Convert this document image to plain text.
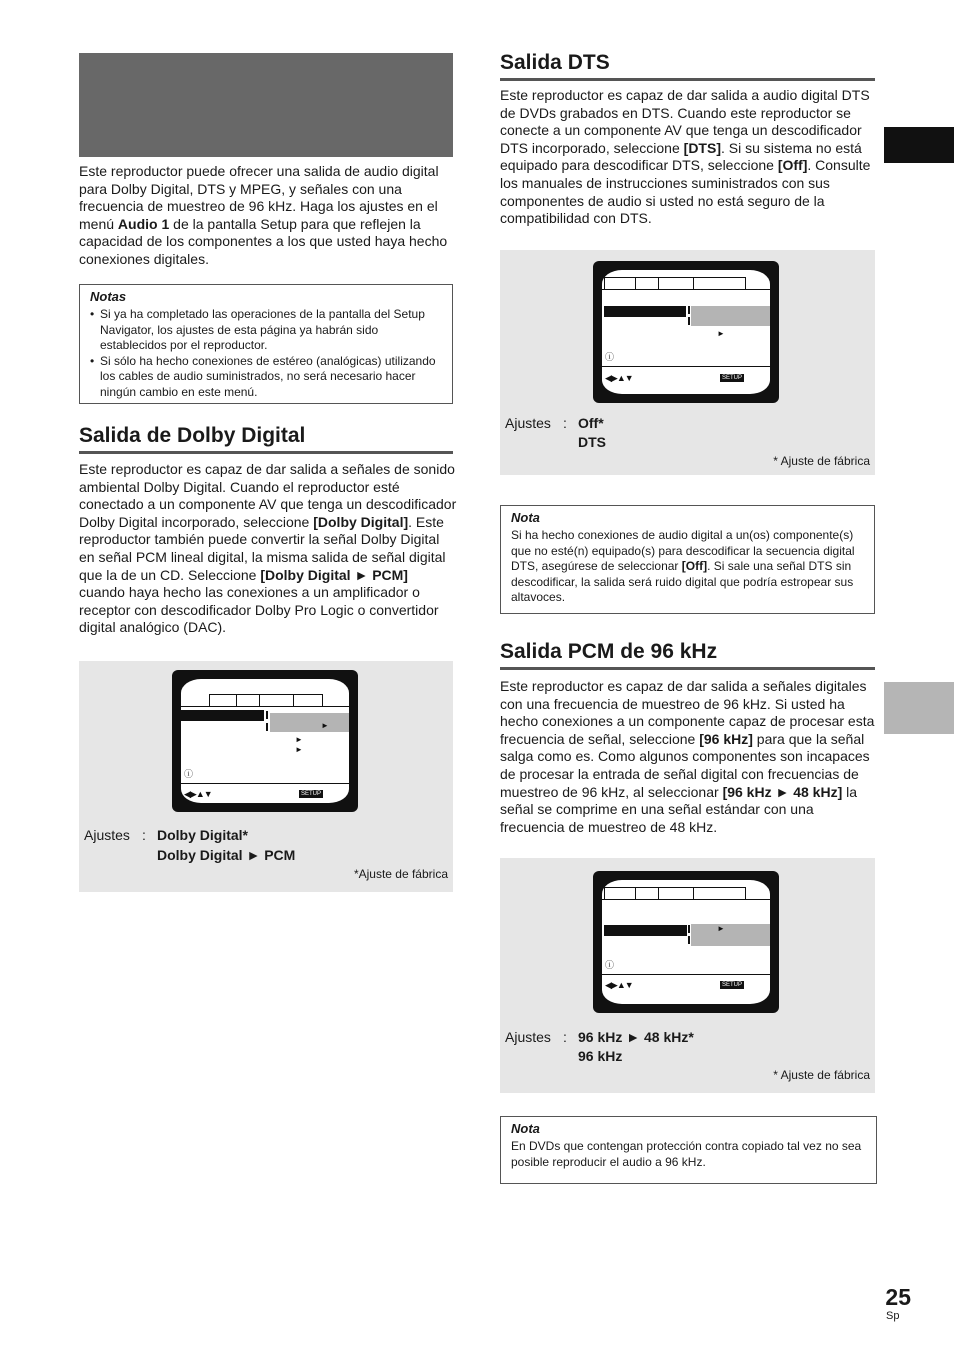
Este reproductor puede ofrecer una salida de audio digital para Dolby Digital, DTS y MPEG, y señales con una frecuencia de muestreo de 96 kHz. Haga los ajustes en el menú Audio 1 de la pantalla Setup para que reflejen la capacidad de los componentes a los que usted haya hecho conexiones digitales.

Notas

• Si ya ha completado las operaciones de la pantalla del Setup Navigator, los ajustes de esta página ya habrán sido establecidos por el reproductor.
• Si sólo ha hecho conexiones de estéreo (analógicas) utilizando los cables de audio suministrados, no será necesario hacer ningún cambio en este menú.
Salida de Dolby Digital

Este reproductor es capaz de dar salida a señales de sonido ambiental Dolby Digital. Cuando el reproductor esté conectado a un componente AV que tenga un descodificador Dolby Digital incorporado, seleccione [Dolby Digital]. Este reproductor también puede convertir la señal Dolby Digital en señal PCM lineal digital, la misma salida de señal digital que la de un CD. Seleccione [Dolby Digital ► PCM] cuando haya hecho las conexiones a un amplificador o receptor con descodificador Dolby Pro Logic o convertidor digital analógico (DAC).

►
►
►
ⓘ
◀▶▲▼	SETUP
Ajustes : Dolby Digital*
Dolby Digital ► PCM
*Ajuste de fábrica
Salida DTS

Este reproductor es capaz de dar salida a audio digital DTS de DVDs grabados en DTS. Cuando este reproductor se conecte a un componente AV que tenga un descodificador DTS incorporado, seleccione [DTS]. Si su sistema no está equipado para descodificar DTS, seleccione [Off]. Consulte los manuales de instrucciones suministrados con sus componentes de audio si usted no está seguro de la compatibilidad con DTS.

►
ⓘ
◀▶▲▼	SETUP
Ajustes : Off*
DTS
* Ajuste de fábrica

Nota

Si ha hecho conexiones de audio digital a un(os) componente(s) que no esté(n) equipado(s) para descodificar la secuencia digital DTS, asegúrese de seleccionar [Off]. Si sale una señal DTS sin descodificar, la salida será ruido digital que podría estropear sus altavoces.

Salida PCM de 96 kHz

Este reproductor es capaz de dar salida a señales digitales con una frecuencia de muestreo de 96 kHz. Si usted ha hecho conexiones a un componente capaz de procesar esta frecuencia de señal, seleccione [96 kHz] para que la señal salga como es. Como algunos componentes son incapaces de procesar la entrada de señal digital con frecuencias de muestreo de 96 kHz, al seleccionar [96 kHz ► 48 kHz] la señal se comprime en una señal estándar con una frecuencia de muestreo de 48 kHz.

►
ⓘ
◀▶▲▼	SETUP
Ajustes : 96 kHz ► 48 kHz*
96 kHz
* Ajuste de fábrica

Nota

En DVDs que contengan protección contra copiado tal vez no sea posible reproducir el audio a 96 kHz.

25
Sp
